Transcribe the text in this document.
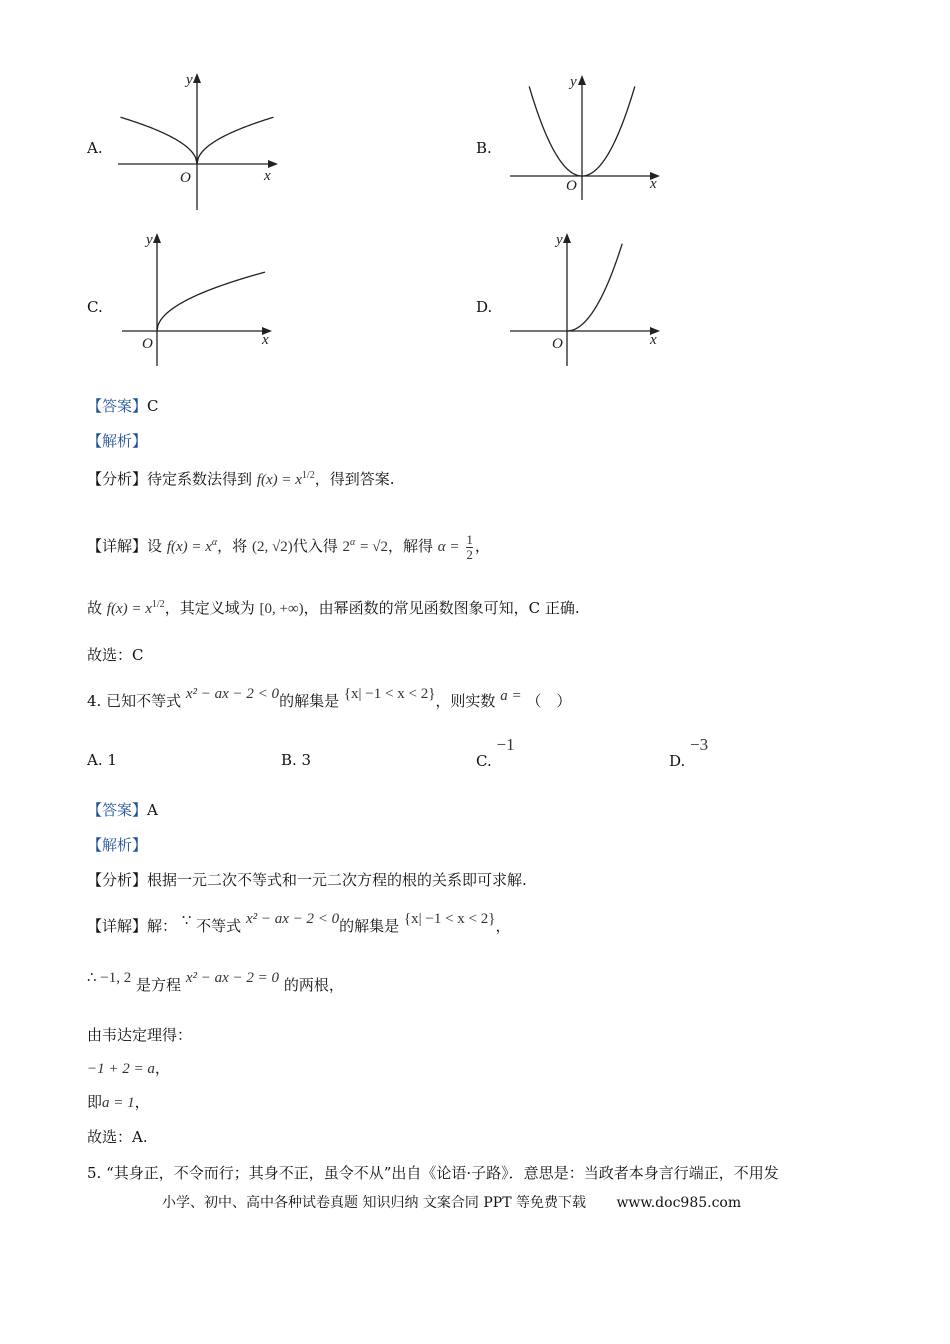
A.
y
x
O
B.
y
x
O
C.
y
x
O
D.
y
x
O
【答案】C
【解析】
【分析】待定系数法得到 $f(x) = x^{1/2}$，得到答案.
【详解】设 $f(x) = x^\alpha$，将 (2, √2)代入得 $2^\alpha = √2$，解得 $\alpha = \frac{1}{2}$ ，
故 $f(x) = x^{1/2}$，其定义域为 [0, +∞)，由幂函数的常见函数图象可知，C 正确.
故选：C
4. 已知不等式 x² − ax − 2 < 0的解集是 {x| −1 < x < 2}，则实数 a = （　）
A. 1	B. 3	C. −1
D. −3
【答案】A
【解析】
【分析】根据一元二次不等式和一元二次方程的根的关系即可求解.
【详解】解： ∵ 不等式 x² − ax − 2 < 0的解集是 {x| −1 < x < 2}，
∴ −1, 2 是方程 x² − ax − 2 = 0 的两根，
由韦达定理得：
−1 + 2 = a，
即a = 1，
故选：A.
5. “其身正，不令而行；其身不正，虽令不从”出自《论语·子路》．意思是：当政者本身言行端正，不用发
小学、初中、高中各种试卷真题 知识归纳 文案合同 PPT 等免费下载 www.doc985.com
